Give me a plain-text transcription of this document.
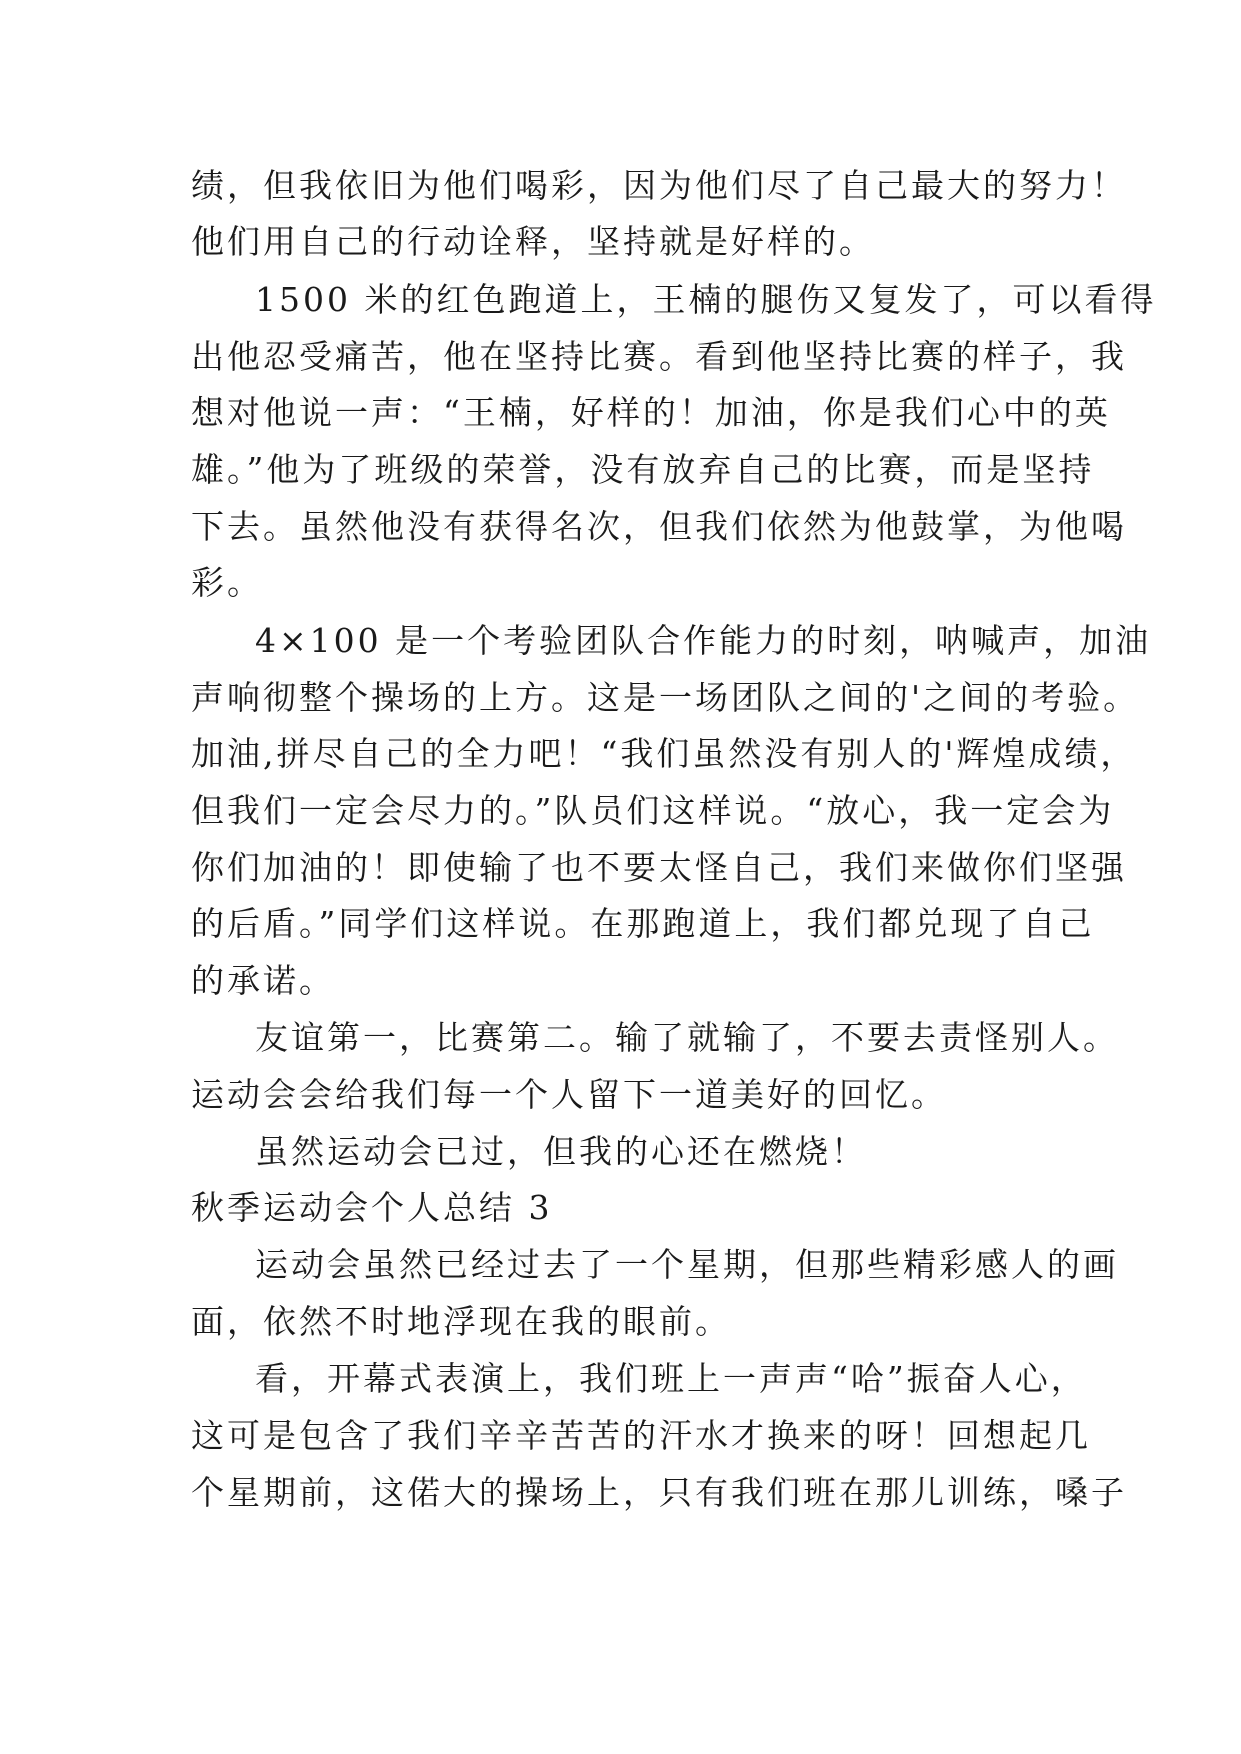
绩，但我依旧为他们喝彩，因为他们尽了自己最大的努力！

他们用自己的行动诠释，坚持就是好样的。

1500 米的红色跑道上，王楠的腿伤又复发了，可以看得

出他忍受痛苦，他在坚持比赛。看到他坚持比赛的样子，我

想对他说一声：“王楠，好样的！加油，你是我们心中的英

雄。”他为了班级的荣誉，没有放弃自己的比赛，而是坚持

下去。虽然他没有获得名次，但我们依然为他鼓掌，为他喝

彩。

4×100 是一个考验团队合作能力的时刻，呐喊声，加油

声响彻整个操场的上方。这是一场团队之间的'之间的考验。

加油,拼尽自己的全力吧！“我们虽然没有别人的'辉煌成绩，

但我们一定会尽力的。”队员们这样说。“放心，我一定会为

你们加油的！即使输了也不要太怪自己，我们来做你们坚强

的后盾。”同学们这样说。在那跑道上，我们都兑现了自己

的承诺。

友谊第一，比赛第二。输了就输了，不要去责怪别人。

运动会会给我们每一个人留下一道美好的回忆。

虽然运动会已过，但我的心还在燃烧！

秋季运动会个人总结 3

运动会虽然已经过去了一个星期，但那些精彩感人的画

面，依然不时地浮现在我的眼前。

看，开幕式表演上，我们班上一声声“哈”振奋人心，

这可是包含了我们辛辛苦苦的汗水才换来的呀！回想起几

个星期前，这偌大的操场上，只有我们班在那儿训练，嗓子
